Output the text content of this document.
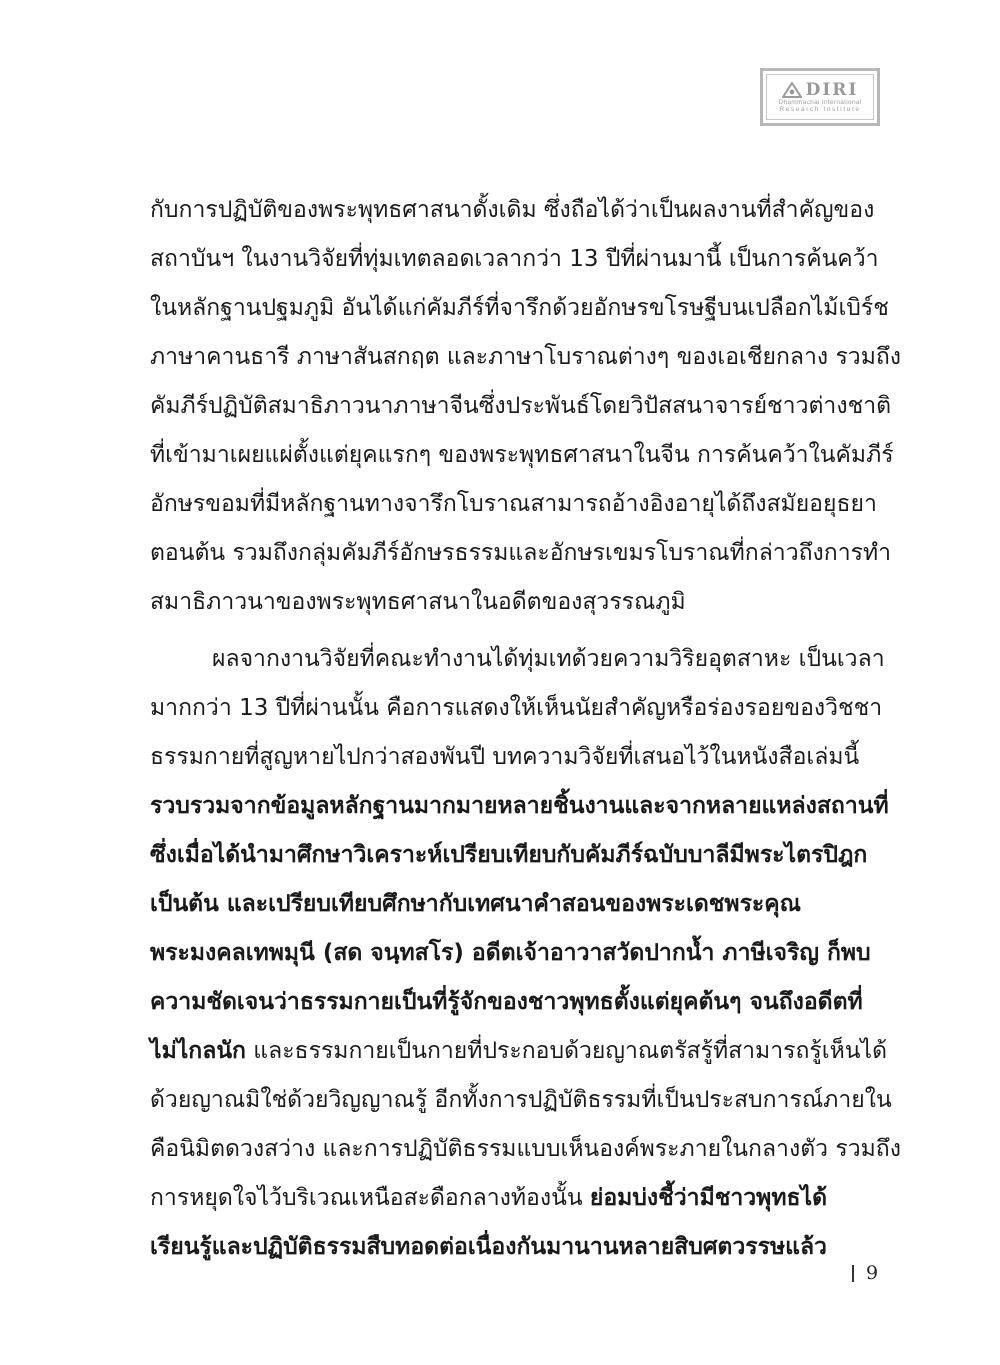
DIRI
Dhammachai International
Research Institute
กับการปฏิบัติของพระพุทธศาสนาดั้งเดิม ซึ่งถือได้ว่าเป็นผลงานที่สำคัญของ
สถาบันฯ ในงานวิจัยที่ทุ่มเทตลอดเวลากว่า 13 ปีที่ผ่านมานี้ เป็นการค้นคว้า
ในหลักฐานปฐมภูมิ อันได้แก่คัมภีร์ที่จารึกด้วยอักษรขโรษฐีบนเปลือกไม้เบิร์ช
ภาษาคานธารี ภาษาสันสกฤต และภาษาโบราณต่างๆ ของเอเชียกลาง รวมถึง
คัมภีร์ปฏิบัติสมาธิภาวนาภาษาจีนซึ่งประพันธ์โดยวิปัสสนาจารย์ชาวต่างชาติ
ที่เข้ามาเผยแผ่ตั้งแต่ยุคแรกๆ ของพระพุทธศาสนาในจีน การค้นคว้าในคัมภีร์
อักษรขอมที่มีหลักฐานทางจารึกโบราณสามารถอ้างอิงอายุได้ถึงสมัยอยุธยา
ตอนต้น รวมถึงกลุ่มคัมภีร์อักษรธรรมและอักษรเขมรโบราณที่กล่าวถึงการทำ
สมาธิภาวนาของพระพุทธศาสนาในอดีตของสุวรรณภูมิ
ผลจากงานวิจัยที่คณะทำงานได้ทุ่มเทด้วยความวิริยอุตสาหะ เป็นเวลา
มากกว่า 13 ปีที่ผ่านนั้น คือการแสดงให้เห็นนัยสำคัญหรือร่องรอยของวิชชา
ธรรมกายที่สูญหายไปกว่าสองพันปี บทความวิจัยที่เสนอไว้ในหนังสือเล่มนี้
รวบรวมจากข้อมูลหลักฐานมากมายหลายชิ้นงานและจากหลายแหล่งสถานที่
ซึ่งเมื่อได้นำมาศึกษาวิเคราะห์เปรียบเทียบกับคัมภีร์ฉบับบาลีมีพระไตรปิฎก
เป็นต้น และเปรียบเทียบศึกษากับเทศนาคำสอนของพระเดชพระคุณ
พระมงคลเทพมุนี (สด จนฺทสโร) อดีตเจ้าอาวาสวัดปากน้ำ ภาษีเจริญ ก็พบ
ความชัดเจนว่าธรรมกายเป็นที่รู้จักของชาวพุทธตั้งแต่ยุคต้นๆ จนถึงอดีตที่
ไม่ไกลนัก และธรรมกายเป็นกายที่ประกอบด้วยญาณตรัสรู้ที่สามารถรู้เห็นได้
ด้วยญาณมิใช่ด้วยวิญญาณรู้ อีกทั้งการปฏิบัติธรรมที่เป็นประสบการณ์ภายใน
คือนิมิตดวงสว่าง และการปฏิบัติธรรมแบบเห็นองค์พระภายในกลางตัว รวมถึง
การหยุดใจไว้บริเวณเหนือสะดือกลางท้องนั้น ย่อมบ่งชี้ว่ามีชาวพุทธได้
เรียนรู้และปฏิบัติธรรมสืบทอดต่อเนื่องกันมานานหลายสิบศตวรรษแล้ว
9
